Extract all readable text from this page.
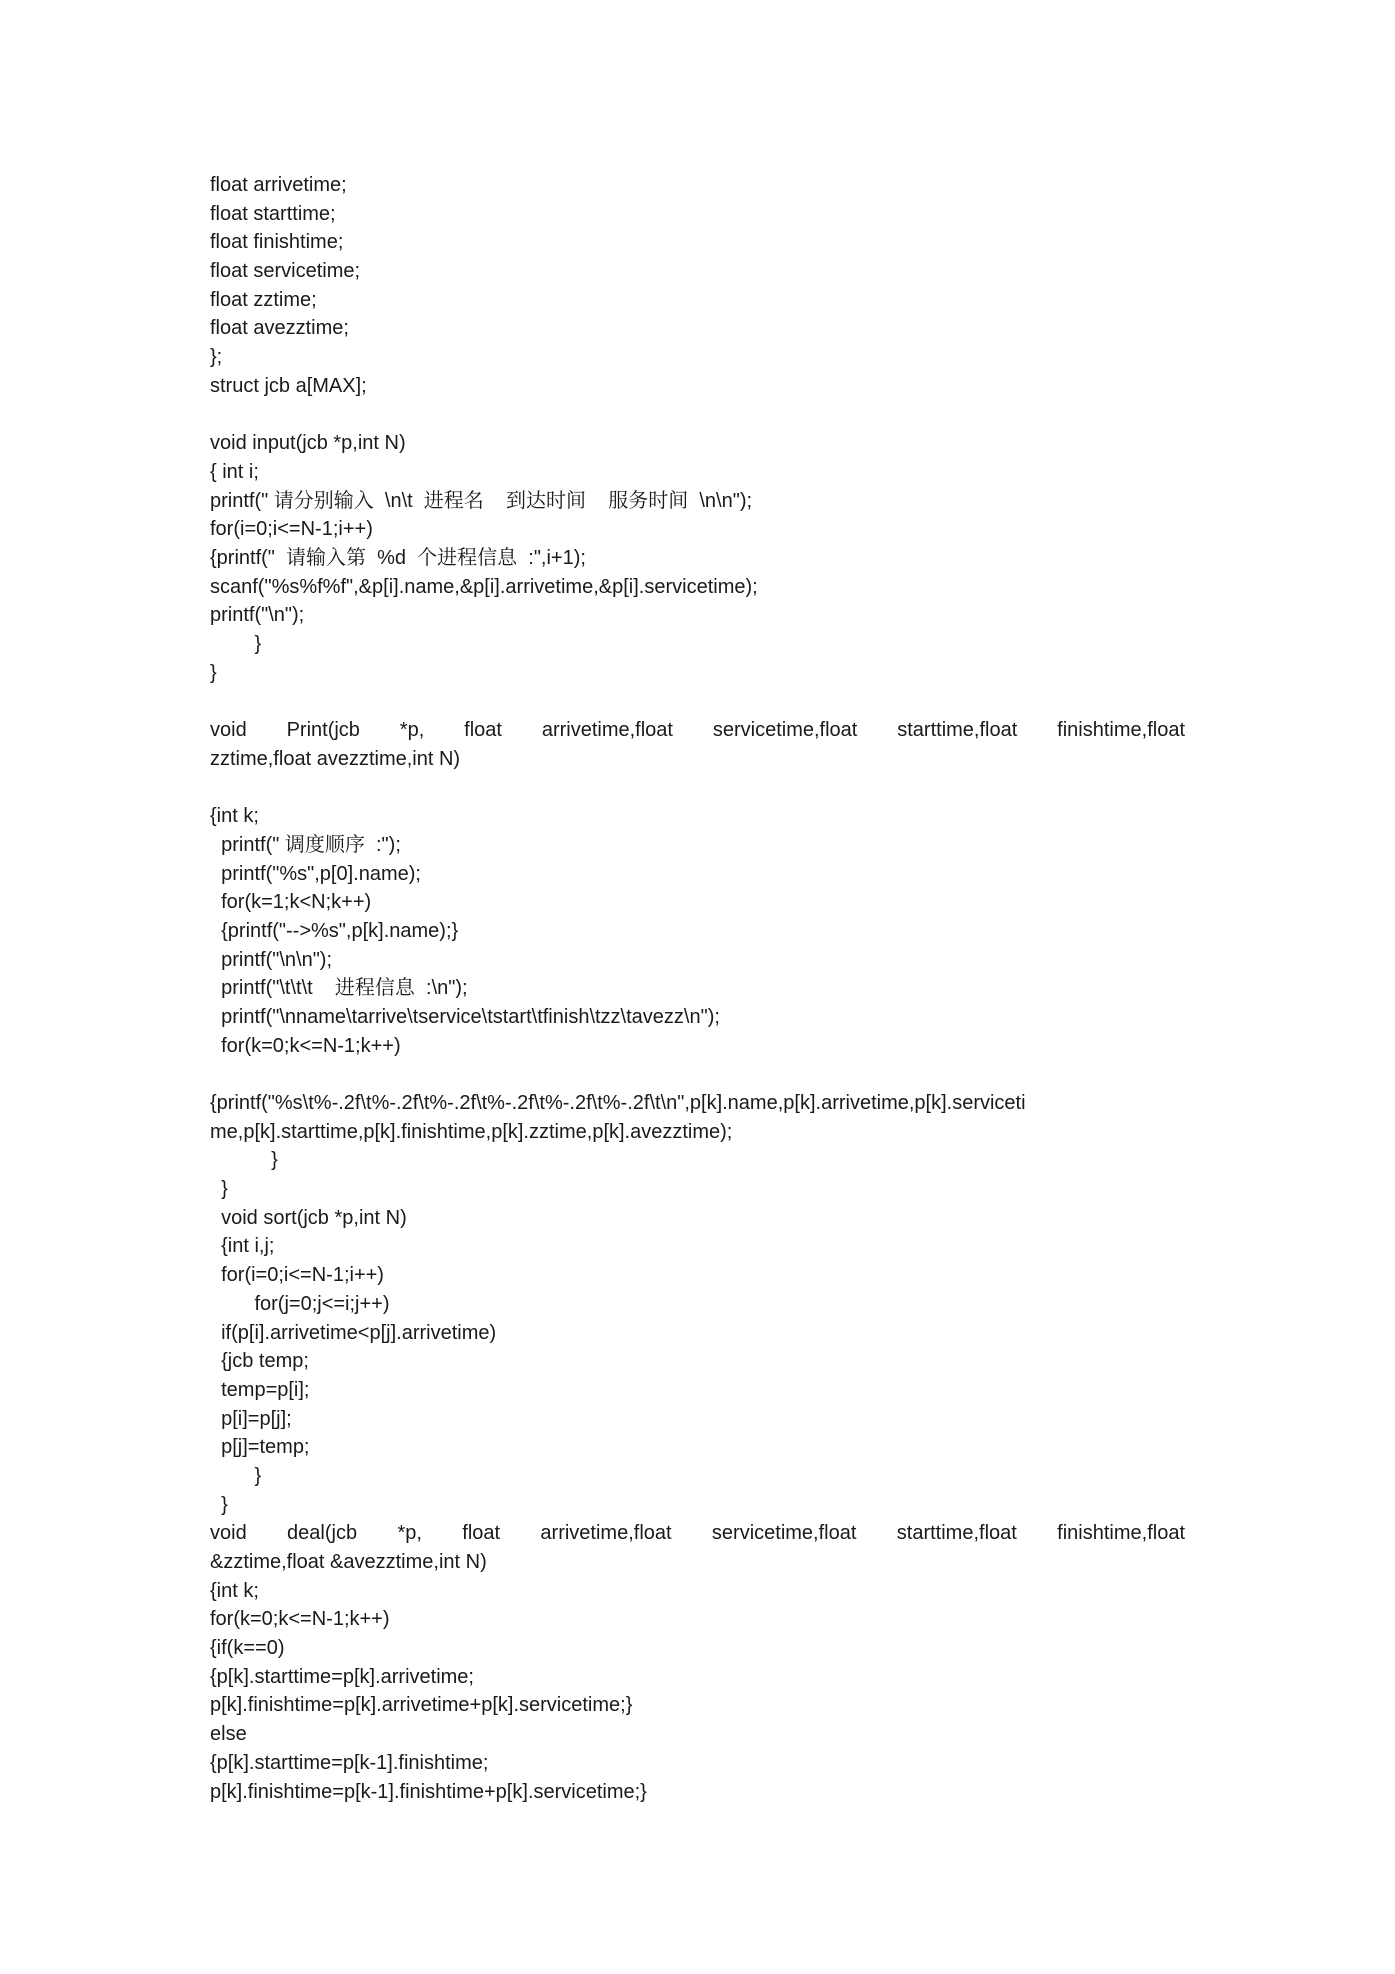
float arrivetime;
float starttime;
float finishtime;
float servicetime;
float zztime;
float avezztime;
};
struct jcb a[MAX];
void input(jcb *p,int N)
{ int i;
printf(" 请分别输入  \n\t  进程名    到达时间    服务时间  \n\n");
for(i=0;i<=N-1;i++)
{printf("  请输入第  %d  个进程信息  :",i+1);
scanf("%s%f%f",&p[i].name,&p[i].arrivetime,&p[i].servicetime);
printf("\n");
}
}
void Print(jcb *p, float arrivetime,float servicetime,float starttime,float finishtime,float
zztime,float avezztime,int N)
{int k;
printf(" 调度顺序  :");
printf("%s",p[0].name);
for(k=1;k<N;k++)
{printf("-->%s",p[k].name);}
printf("\n\n");
printf("\t\t\t    进程信息  :\n");
printf("\nname\tarrive\tservice\tstart\tfinish\tzz\tavezz\n");
for(k=0;k<=N-1;k++)
{printf("%s\t%-.2f\t%-.2f\t%-.2f\t%-.2f\t%-.2f\t%-.2f\t\n",p[k].name,p[k].arrivetime,p[k].serviceti
me,p[k].starttime,p[k].finishtime,p[k].zztime,p[k].avezztime);
}
}
void sort(jcb *p,int N)
{int i,j;
for(i=0;i<=N-1;i++)
for(j=0;j<=i;j++)
if(p[i].arrivetime<p[j].arrivetime)
{jcb temp;
temp=p[i];
p[i]=p[j];
p[j]=temp;
}
}
void deal(jcb *p, float arrivetime,float servicetime,float starttime,float finishtime,float
&zztime,float &avezztime,int N)
{int k;
for(k=0;k<=N-1;k++)
{if(k==0)
{p[k].starttime=p[k].arrivetime;
p[k].finishtime=p[k].arrivetime+p[k].servicetime;}
else
{p[k].starttime=p[k-1].finishtime;
p[k].finishtime=p[k-1].finishtime+p[k].servicetime;}
